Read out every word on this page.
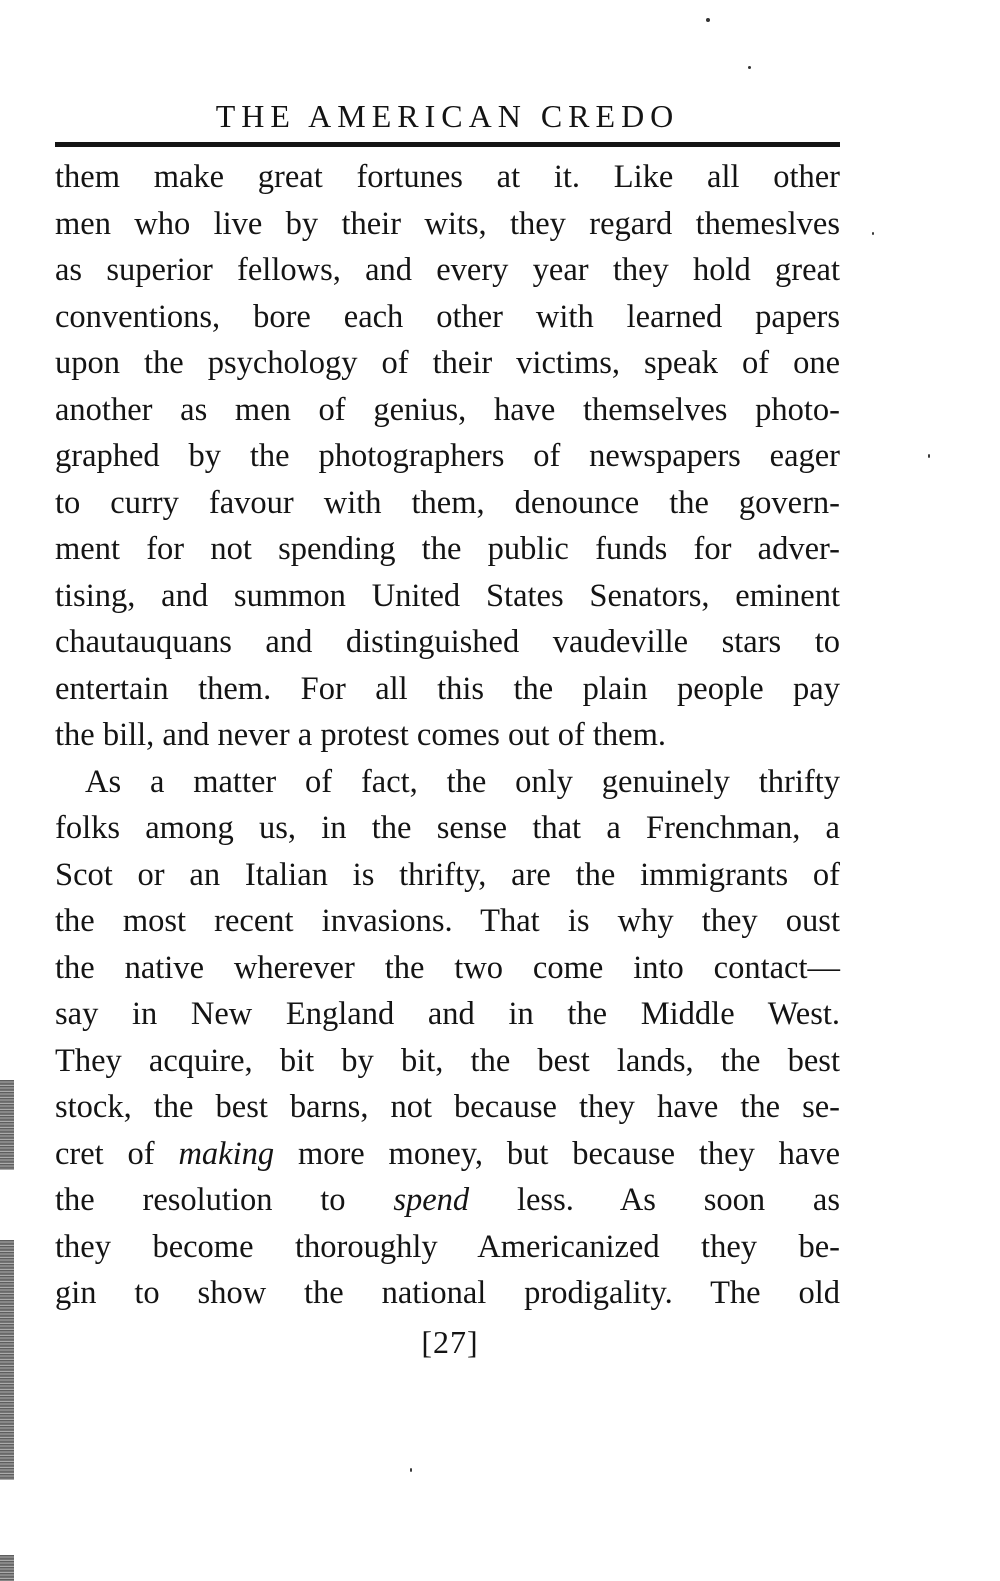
THE AMERICAN CREDO
them make great fortunes at it. Like all other
men who live by their wits, they regard themeslves
as superior fellows, and every year they hold great
conventions, bore each other with learned papers
upon the psychology of their victims, speak of one
another as men of genius, have themselves photo-
graphed by the photographers of newspapers eager
to curry favour with them, denounce the govern-
ment for not spending the public funds for adver-
tising, and summon United States Senators, eminent
chautauquans and distinguished vaudeville stars to
entertain them. For all this the plain people pay
the bill, and never a protest comes out of them.
As a matter of fact, the only genuinely thrifty
folks among us, in the sense that a Frenchman, a
Scot or an Italian is thrifty, are the immigrants of
the most recent invasions. That is why they oust
the native wherever the two come into contact—
say in New England and in the Middle West.
They acquire, bit by bit, the best lands, the best
stock, the best barns, not because they have the se-
cret of making more money, but because they have
the resolution to spend less. As soon as
they become thoroughly Americanized they be-
gin to show the national prodigality. The old
[27]
